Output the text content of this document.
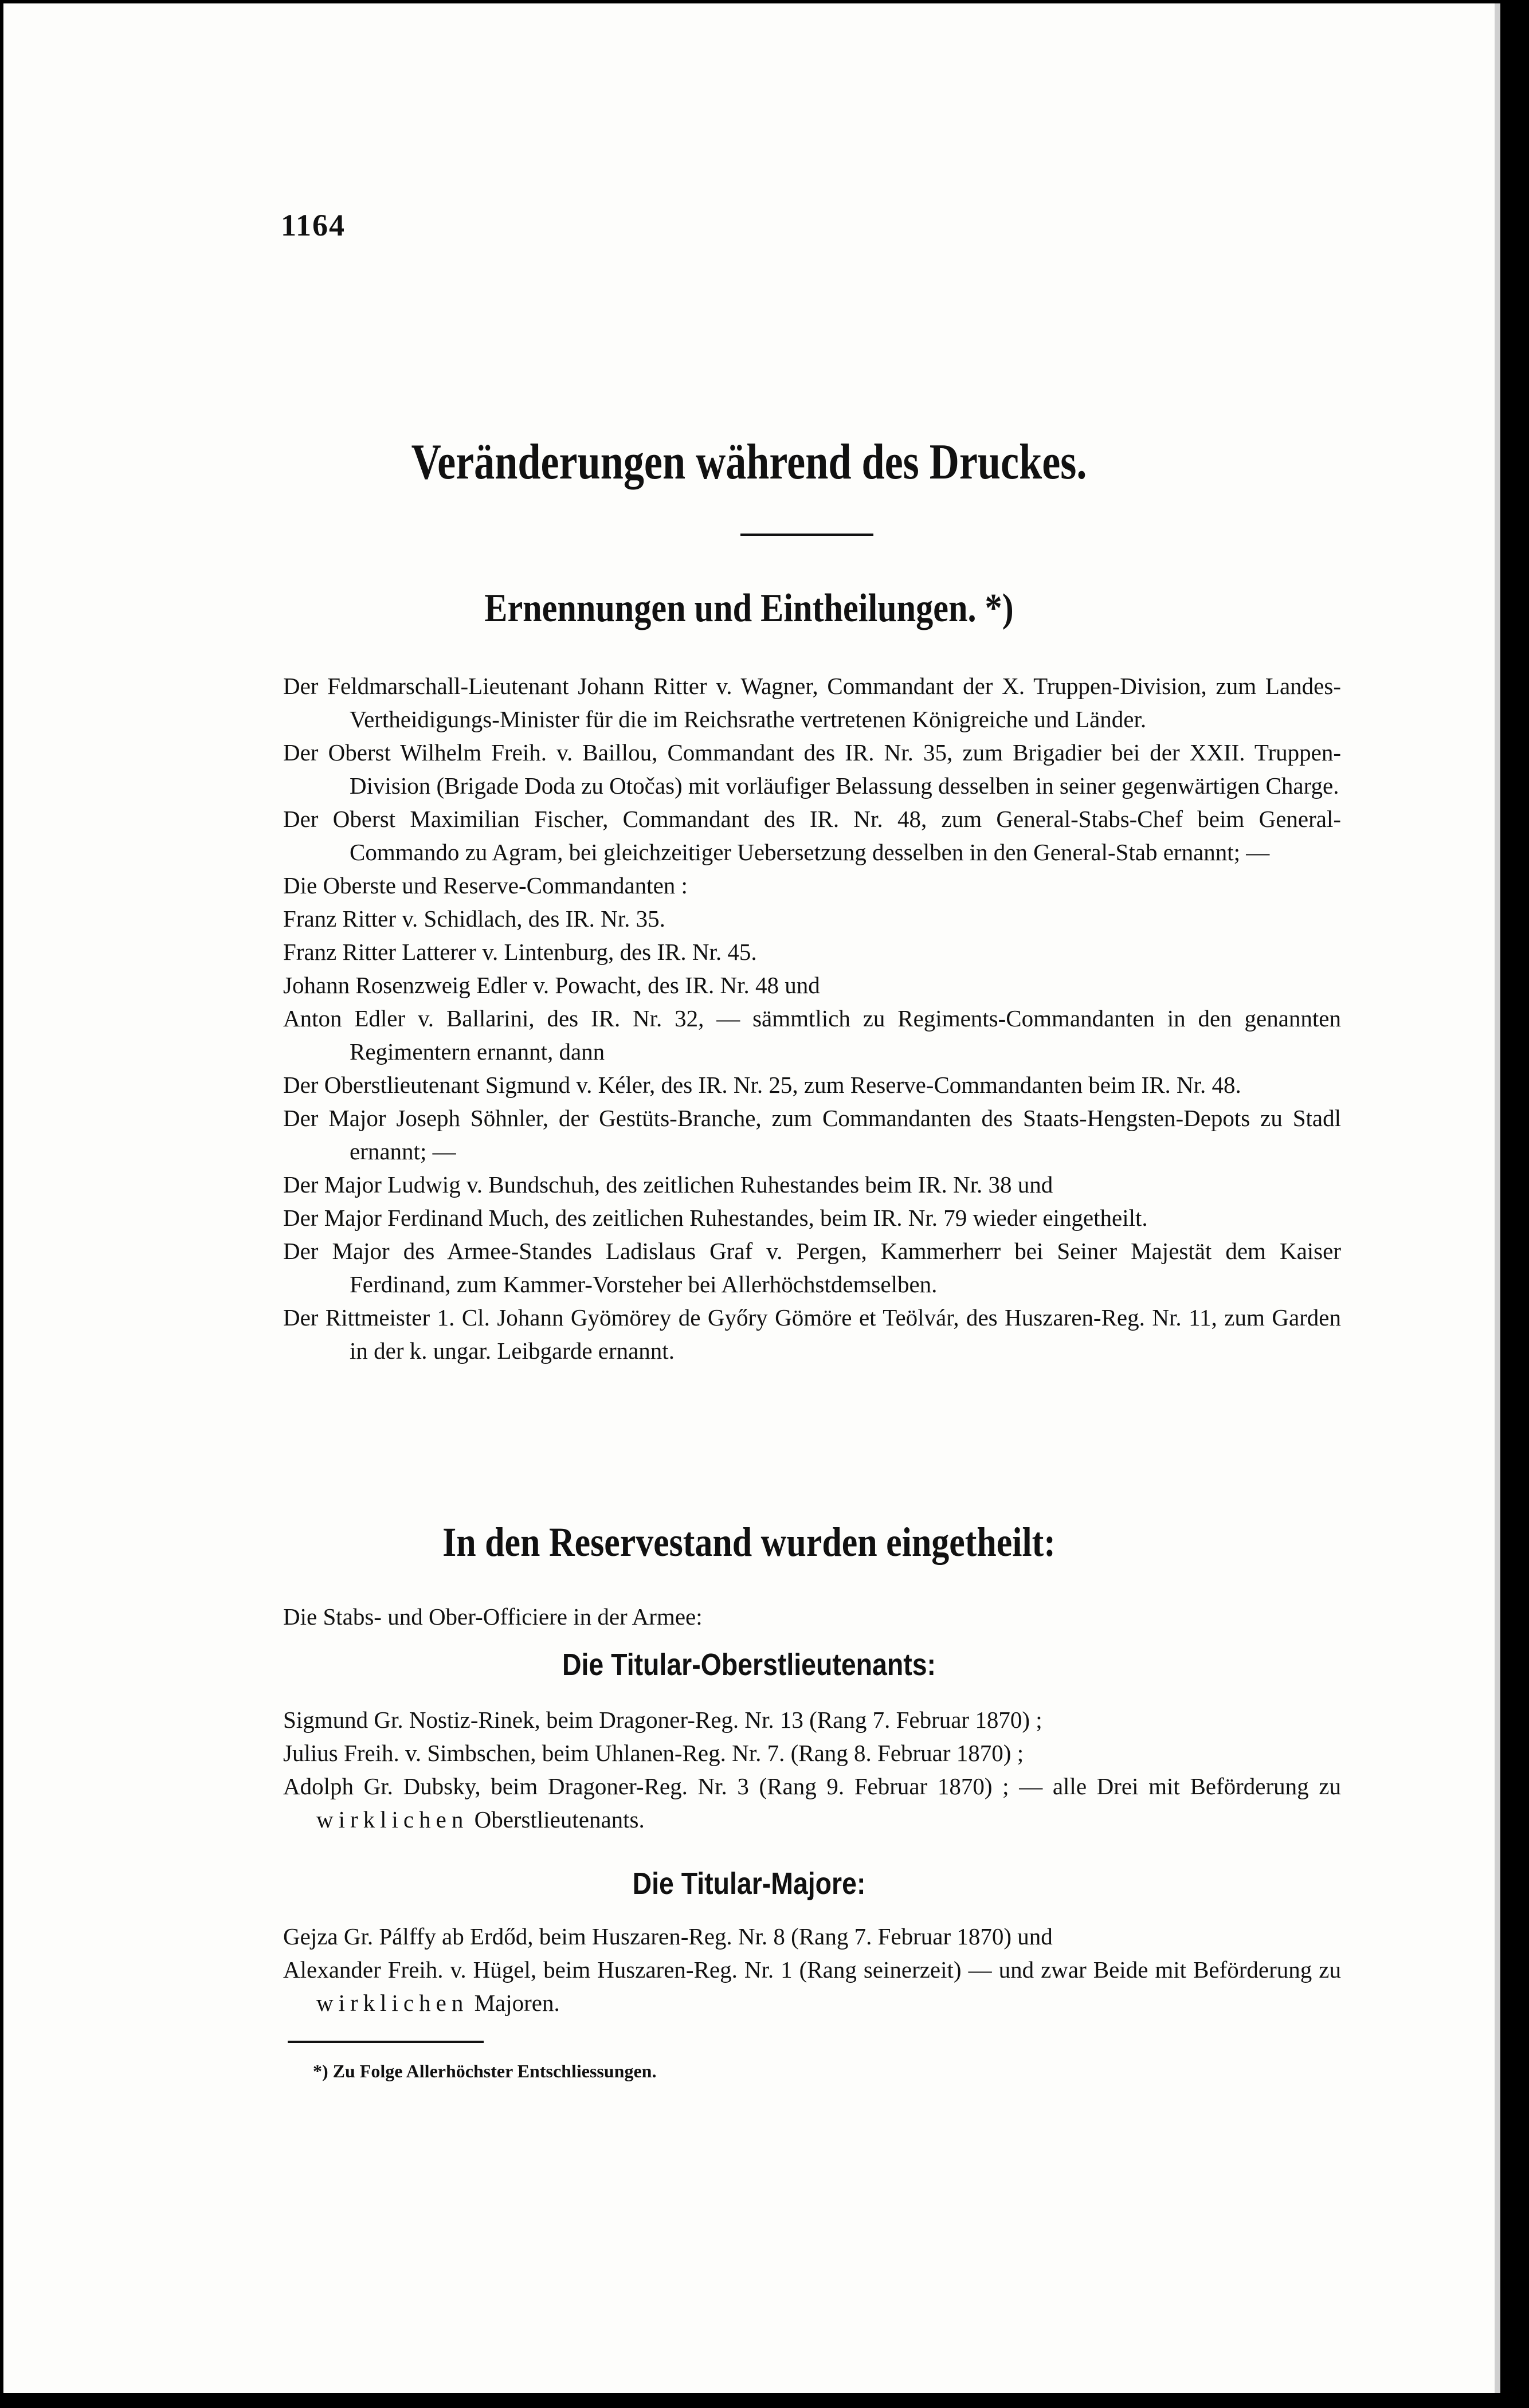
1164
Veränderungen während des Druckes.
Ernennungen und Eintheilungen. *)
Der Feldmarschall-Lieutenant Johann Ritter v. Wagner, Commandant der X. Truppen-Division, zum Landes-Vertheidigungs-Minister für die im Reichsrathe vertretenen Königreiche und Länder.
Der Oberst Wilhelm Freih. v. Baillou, Commandant des IR. Nr. 35, zum Brigadier bei der XXII. Truppen-Division (Brigade Doda zu Otočas) mit vorläufiger Belassung desselben in seiner gegenwärtigen Charge.
Der Oberst Maximilian Fischer, Commandant des IR. Nr. 48, zum General-Stabs-Chef beim General-Commando zu Agram, bei gleichzeitiger Uebersetzung desselben in den General-Stab ernannt; —
Die Oberste und Reserve-Commandanten :
Franz Ritter v. Schidlach, des IR. Nr. 35.
Franz Ritter Latterer v. Lintenburg, des IR. Nr. 45.
Johann Rosenzweig Edler v. Powacht, des IR. Nr. 48 und
Anton Edler v. Ballarini, des IR. Nr. 32, — sämmtlich zu Regiments-Commandanten in den genannten Regimentern ernannt, dann
Der Oberstlieutenant Sigmund v. Kéler, des IR. Nr. 25, zum Reserve-Commandanten beim IR. Nr. 48.
Der Major Joseph Söhnler, der Gestüts-Branche, zum Commandanten des Staats-Hengsten-Depots zu Stadl ernannt; —
Der Major Ludwig v. Bundschuh, des zeitlichen Ruhestandes beim IR. Nr. 38 und
Der Major Ferdinand Much, des zeitlichen Ruhestandes, beim IR. Nr. 79 wieder eingetheilt.
Der Major des Armee-Standes Ladislaus Graf v. Pergen, Kammerherr bei Seiner Majestät dem Kaiser Ferdinand, zum Kammer-Vorsteher bei Allerhöchstdemselben.
Der Rittmeister 1. Cl. Johann Gyömörey de Győry Gömöre et Teölvár, des Huszaren-Reg. Nr. 11, zum Garden in der k. ungar. Leibgarde ernannt.
In den Reservestand wurden eingetheilt:
Die Stabs- und Ober-Officiere in der Armee:
Die Titular-Oberstlieutenants:
Sigmund Gr. Nostiz-Rinek, beim Dragoner-Reg. Nr. 13 (Rang 7. Februar 1870) ;
Julius Freih. v. Simbschen, beim Uhlanen-Reg. Nr. 7. (Rang 8. Februar 1870) ;
Adolph Gr. Dubsky, beim Dragoner-Reg. Nr. 3 (Rang 9. Februar 1870) ; — alle Drei mit Beförderung zu wirklichen Oberstlieutenants.
Die Titular-Majore:
Gejza Gr. Pálffy ab Erdőd, beim Huszaren-Reg. Nr. 8 (Rang 7. Februar 1870) und
Alexander Freih. v. Hügel, beim Huszaren-Reg. Nr. 1 (Rang seinerzeit) — und zwar Beide mit Beförderung zu wirklichen Majoren.
*) Zu Folge Allerhöchster Entschliessungen.
